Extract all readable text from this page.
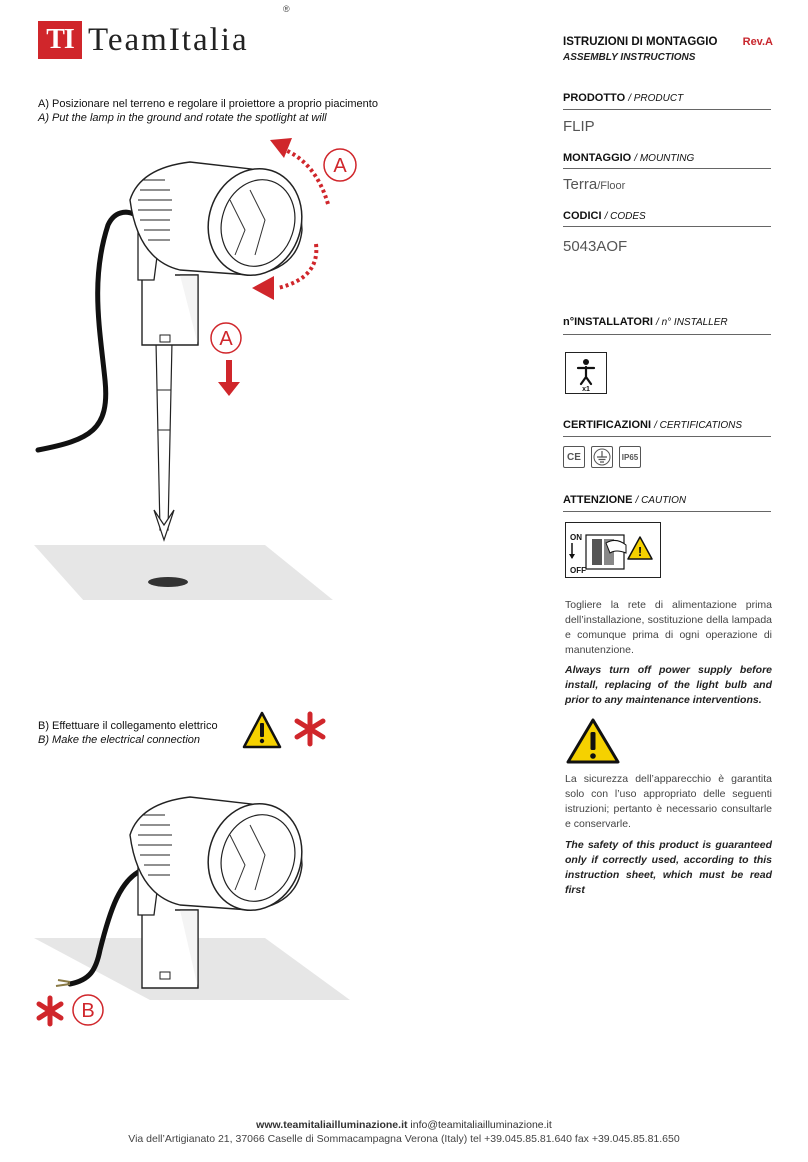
TI TeamItalia
®
ISTRUZIONI DI MONTAGGIO Rev.A
ASSEMBLY INSTRUCTIONS
PRODOTTO / PRODUCT
FLIP
MONTAGGIO / MOUNTING
Terra/Floor
CODICI / CODES
5043AOF
n°INSTALLATORI / n° INSTALLER
x1
CERTIFICAZIONI / CERTIFICATIONS
CE	IP65
ATTENZIONE / CAUTION
ON
OFF
!
Togliere la rete di alimentazione prima dell’installazione, sostituzione della lampada e comunque prima di ogni operazione di manutenzione.
Always turn off power supply before install, replacing of the light bulb and prior to any maintenance interventions.
La sicurezza dell’apparecchio è garantita solo con l’uso appropriato delle seguenti istruzioni; pertanto è necessario consultarle e conservarle.
The safety of this product is guaranteed only if correctly used, according to this instruction sheet, which must be read first
A) Posizionare nel terreno e regolare il proiettore a proprio piacimento
A) Put the lamp in the ground and rotate the spotlight at will
A
A
B) Effettuare il collegamento elettrico
B) Make the electrical connection
B
www.teamitaliailluminazione.it info@teamitaliailluminazione.it
Via dell’Artigianato 21, 37066 Caselle di Sommacampagna Verona (Italy) tel +39.045.85.81.640 fax +39.045.85.81.650
